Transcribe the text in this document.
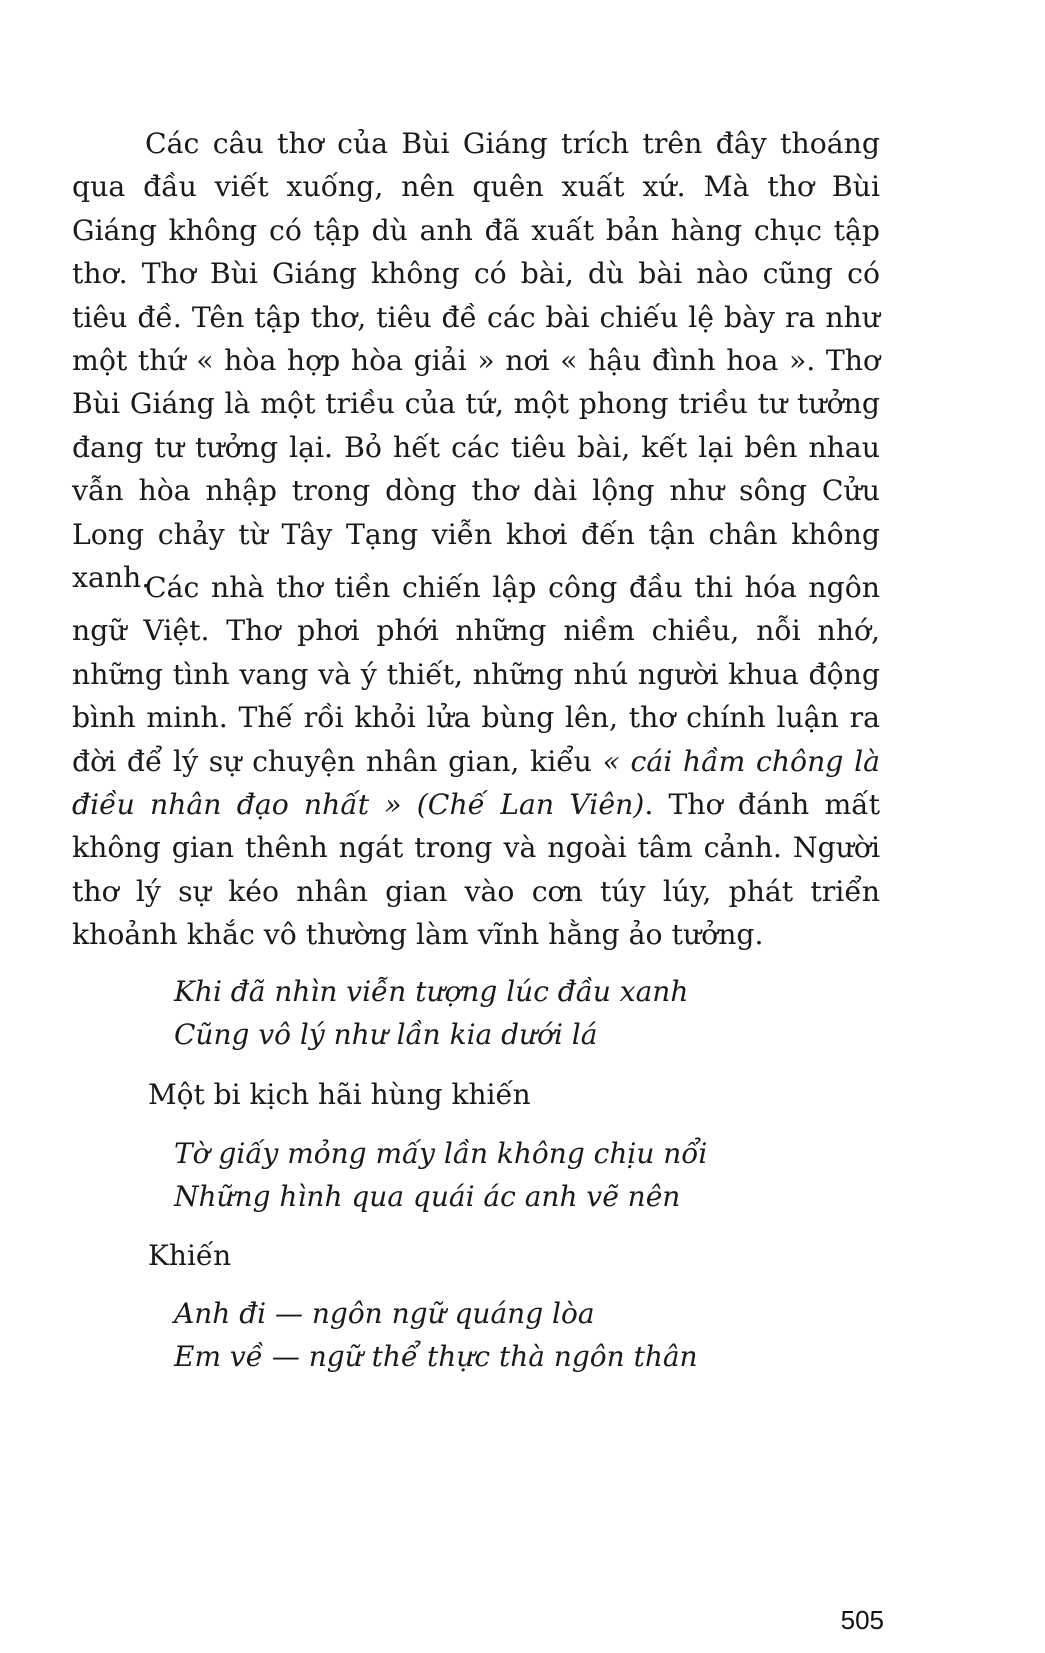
Các câu thơ của Bùi Giáng trích trên đây thoáng qua đầu viết xuống, nên quên xuất xứ. Mà thơ Bùi Giáng không có tập dù anh đã xuất bản hàng chục tập thơ. Thơ Bùi Giáng không có bài, dù bài nào cũng có tiêu đề. Tên tập thơ, tiêu đề các bài chiếu lệ bày ra như một thứ « hòa hợp hòa giải » nơi « hậu đình hoa ». Thơ Bùi Giáng là một triều của tứ, một phong triều tư tưởng đang tư tưởng lại. Bỏ hết các tiêu bài, kết lại bên nhau vẫn hòa nhập trong dòng thơ dài lộng như sông Cửu Long chảy từ Tây Tạng viễn khơi đến tận chân không xanh.

Các nhà thơ tiền chiến lập công đầu thi hóa ngôn ngữ Việt. Thơ phơi phới những niềm chiều, nỗi nhớ, những tình vang và ý thiết, những nhú người khua động bình minh. Thế rồi khỏi lửa bùng lên, thơ chính luận ra đời để lý sự chuyện nhân gian, kiểu « cái hầm chông là điều nhân đạo nhất » (Chế Lan Viên). Thơ đánh mất không gian thênh ngát trong và ngoài tâm cảnh. Người thơ lý sự kéo nhân gian vào cơn túy lúy, phát triển khoảnh khắc vô thường làm vĩnh hằng ảo tưởng.

Khi đã nhìn viễn tượng lúc đầu xanh
Cũng vô lý như lần kia dưới lá
Một bi kịch hãi hùng khiến
Tờ giấy mỏng mấy lần không chịu nổi
Những hình qua quái ác anh vẽ nên
Khiến
Anh đi — ngôn ngữ quáng lòa
Em về — ngữ thể thực thà ngôn thân
505
